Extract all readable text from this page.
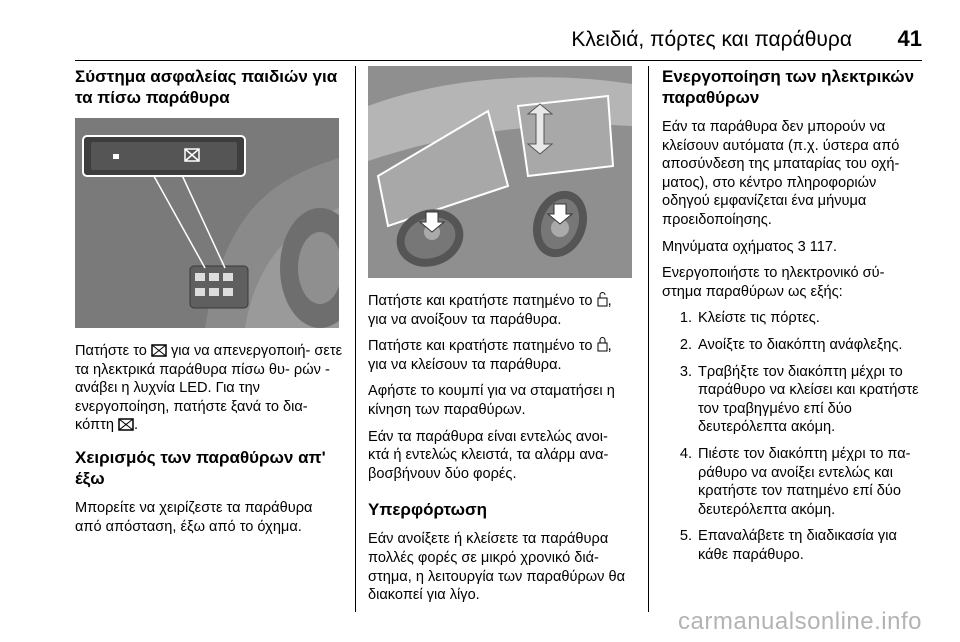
Κλειδιά, πόρτες και παράθυρα 41
Σύστημα ασφαλείας παιδιών για τα πίσω παράθυρα

Πατήστε το  για να απενεργοποιή- σετε τα ηλεκτρικά παράθυρα πίσω θυ- ρών - ανάβει η λυχνία LED. Για την ενεργοποίηση, πατήστε ξανά το δια- κόπτη .

Χειρισμός των παραθύρων απ' έξω

Μπορείτε να χειρίζεστε τα παράθυρα από απόσταση, έξω από το όχημα.

Πατήστε και κρατήστε πατημένο το , για να ανοίξουν τα παράθυρα.

Πατήστε και κρατήστε πατημένο το , για να κλείσουν τα παράθυρα.

Αφήστε το κουμπί για να σταματήσει η κίνηση των παραθύρων.

Εάν τα παράθυρα είναι εντελώς ανοι- κτά ή εντελώς κλειστά, τα αλάρμ ανα- βοσβήνουν δύο φορές.

Υπερφόρτωση

Εάν ανοίξετε ή κλείσετε τα παράθυρα πολλές φορές σε μικρό χρονικό διά- στημα, η λειτουργία των παραθύρων θα διακοπεί για λίγο.

Ενεργοποίηση των ηλεκτρικών παραθύρων

Εάν τα παράθυρα δεν μπορούν να κλείσουν αυτόματα (π.χ. ύστερα από αποσύνδεση της μπαταρίας του οχή- ματος), στο κέντρο πληροφοριών οδηγού εμφανίζεται ένα μήνυμα προειδοποίησης.

Μηνύματα οχήματος 3 117.

Ενεργοποιήστε το ηλεκτρονικό σύ- στημα παραθύρων ως εξής:

1. Κλείστε τις πόρτες.
2. Ανοίξτε το διακόπτη ανάφλεξης.
3. Τραβήξτε τον διακόπτη μέχρι το παράθυρο να κλείσει και κρατήστε τον τραβηγμένο επί δύο δευτερόλεπτα ακόμη.
4. Πιέστε τον διακόπτη μέχρι το πα- ράθυρο να ανοίξει εντελώς και κρατήστε τον πατημένο επί δύο δευτερόλεπτα ακόμη.
5. Επαναλάβετε τη διαδικασία για κάθε παράθυρο.
carmanualsonline.info
